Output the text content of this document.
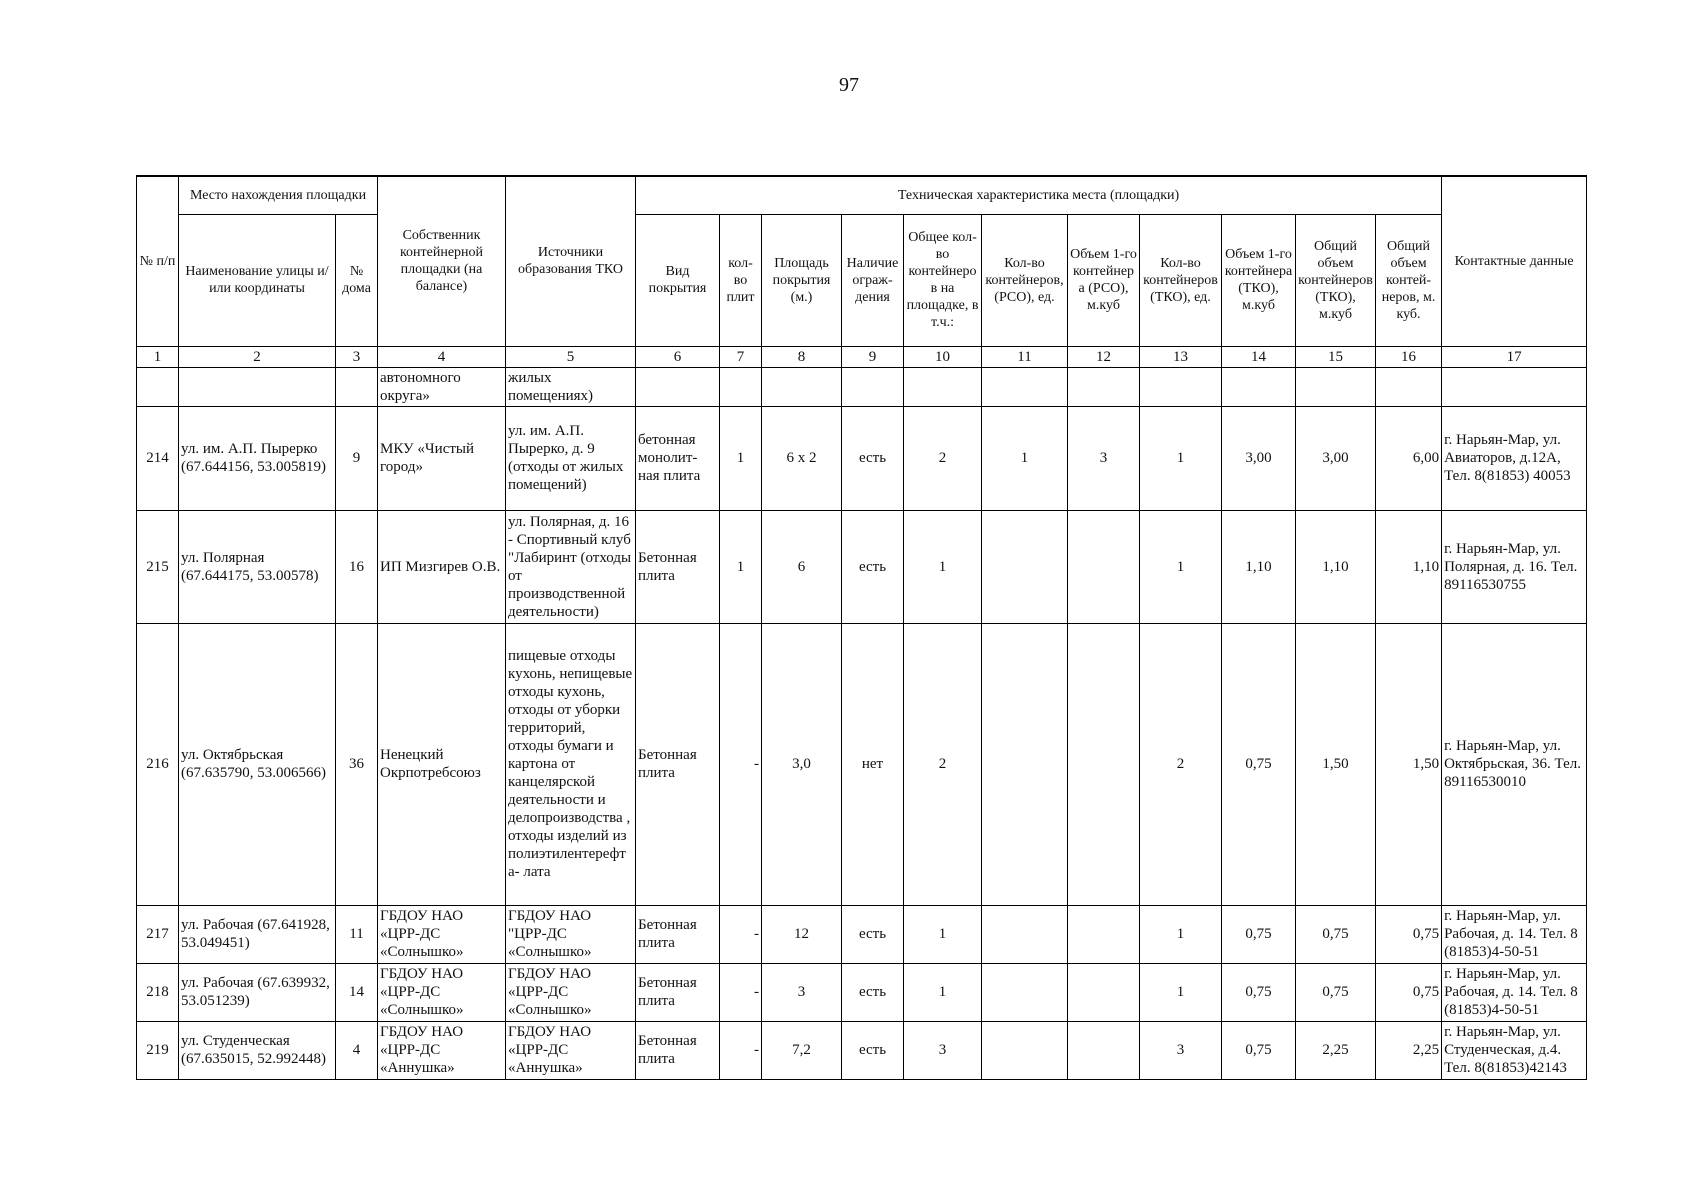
97
№ п/п	Место нахождения площадки		Собственник контейнерной площадки (на балансе)	Источники образования ТКО	Техническая характеристика места (площадки)											Контактные данные
	Наименование улицы и/или координаты	№ дома			Вид покрытия	кол-во плит	Площадь покрытия (м.)	Наличие ограж-дения	Общее кол-во контейнеров на площадке, в т.ч.:	Кол-во контейнеров, (РСО), ед.	Объем 1-го контейнера (РСО), м.куб	Кол-во контейнеров (ТКО), ед.	Объем 1-го контейнера (ТКО), м.куб	Общий объем контейнеров (ТКО), м.куб	Общий объем контей-неров, м. куб.	
1	2	3	4	5	6	7	8	9	10	11	12	13	14	15	16	17
			автономного округа»	жилых помещениях)												
214	ул. им. А.П. Пырерко (67.644156, 53.005819)	9	МКУ «Чистый город»	ул. им. А.П. Пырерко, д. 9 (отходы от жилых помещений)	бетонная монолит-ная плита	1	6 х 2	есть	2	1	3	1	3,00	3,00	6,00	г. Нарьян-Мар, ул. Авиаторов, д.12А, Тел. 8(81853) 40053
215	ул. Полярная (67.644175, 53.00578)	16	ИП Мизгирев О.В.	ул. Полярная, д. 16 - Спортивный клуб "Лабиринт (отходы от производственной деятельности)	Бетонная плита	1	6	есть	1			1	1,10	1,10	1,10	г. Нарьян-Мар, ул. Полярная, д. 16. Тел. 89116530755
216	ул. Октябрьская (67.635790, 53.006566)	36	Ненецкий Окрпотребсоюз	пищевые отходы кухонь, непищевые отходы кухонь, отходы от уборки территорий, отходы бумаги и картона от канцелярской деятельности и делопроизводства , отходы изделий из полиэтилентерефт а- лата	Бетонная плита	-	3,0	нет	2			2	0,75	1,50	1,50	г. Нарьян-Мар, ул. Октябрьская, 36. Тел. 89116530010
217	ул. Рабочая (67.641928, 53.049451)	11	ГБДОУ НАО «ЦРР-ДС «Солнышко»	ГБДОУ НАО "ЦРР-ДС «Солнышко»	Бетонная плита	-	12	есть	1			1	0,75	0,75	0,75	г. Нарьян-Мар, ул. Рабочая, д. 14. Тел. 8 (81853)4-50-51
218	ул. Рабочая (67.639932, 53.051239)	14	ГБДОУ НАО «ЦРР-ДС «Солнышко»	ГБДОУ НАО «ЦРР-ДС «Солнышко»	Бетонная плита	-	3	есть	1			1	0,75	0,75	0,75	г. Нарьян-Мар, ул. Рабочая, д. 14. Тел. 8 (81853)4-50-51
219	ул. Студенческая (67.635015, 52.992448)	4	ГБДОУ НАО «ЦРР-ДС «Аннушка»	ГБДОУ НАО «ЦРР-ДС «Аннушка»	Бетонная плита	-	7,2	есть	3			3	0,75	2,25	2,25	г. Нарьян-Мар, ул. Студенческая, д.4. Тел. 8(81853)42143
